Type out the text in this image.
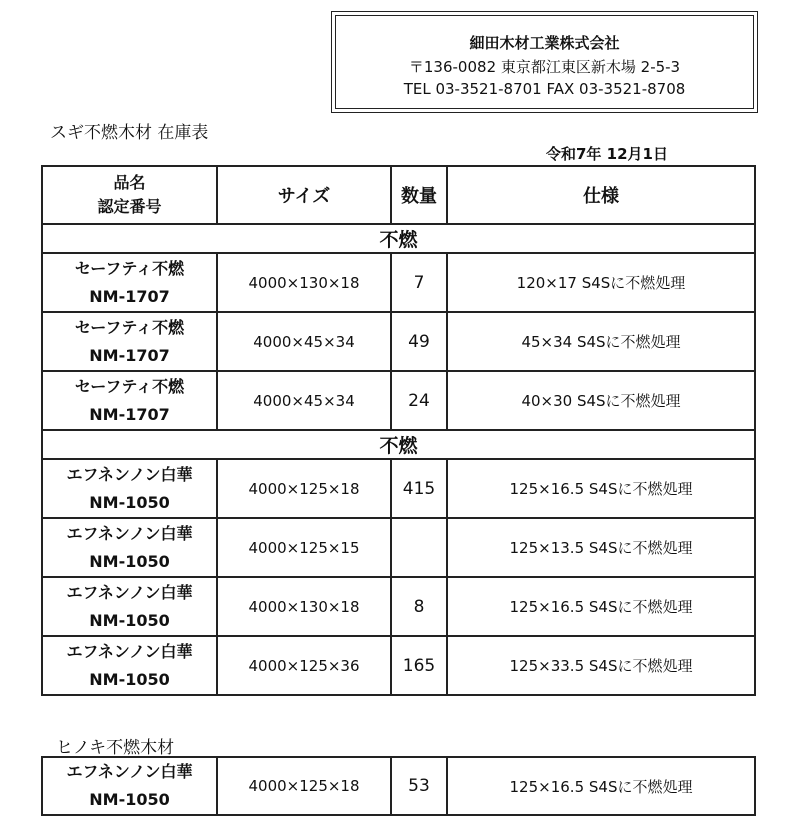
細田木材工業株式会社
〒136-0082 東京都江東区新木場 2-5-3
TEL 03-3521-8701 FAX 03-3521-8708
スギ不燃木材 在庫表
令和7年 12月1日
品名
認定番号	サイズ	数量	仕様
不燃			

セーフティ不燃
NM-1707	4000×130×18	7	120×17 S4Sに不燃処理

セーフティ不燃
NM-1707	4000×45×34	49	45×34 S4Sに不燃処理

セーフティ不燃
NM-1707	4000×45×34	24	40×30 S4Sに不燃処理
不燃			

エフネンノン白華
NM-1050	4000×125×18	415	125×16.5 S4Sに不燃処理

エフネンノン白華
NM-1050	4000×125×15		125×13.5 S4Sに不燃処理

エフネンノン白華
NM-1050	4000×130×18	8	125×16.5 S4Sに不燃処理

エフネンノン白華
NM-1050	4000×125×36	165	125×33.5 S4Sに不燃処理
ヒノキ不燃木材
エフネンノン白華
NM-1050
	4000×125×18	53	125×16.5 S4Sに不燃処理
